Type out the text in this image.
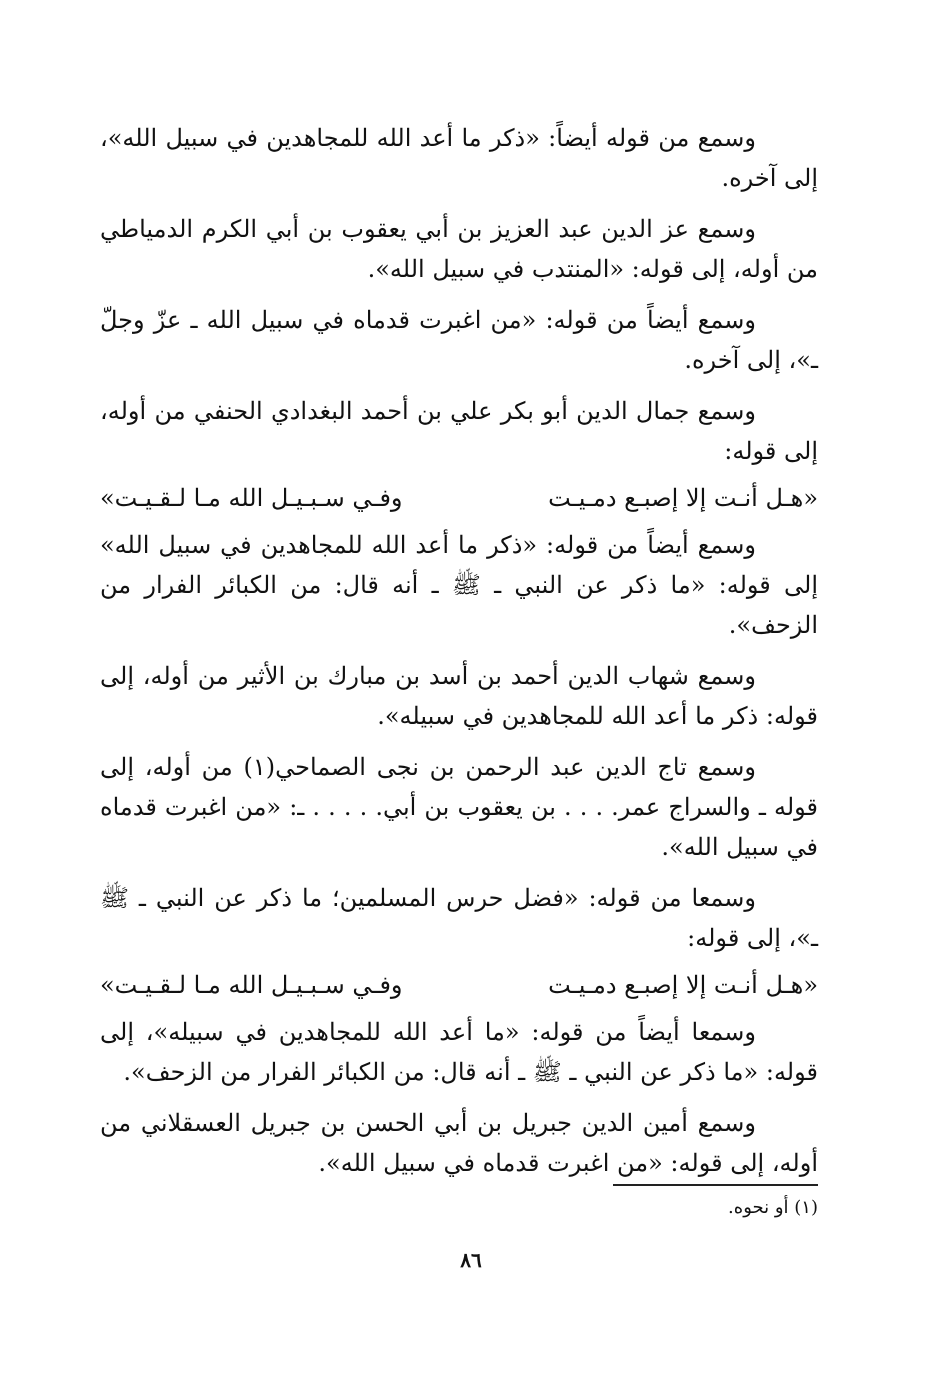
وسمع من قوله أيضاً: «ذكر ما أعد الله للمجاهدين في سبيل الله»، إلى آخره.

وسمع عز الدين عبد العزيز بن أبي يعقوب بن أبي الكرم الدمياطي من أوله، إلى قوله: «المنتدب في سبيل الله».

وسمع أيضاً من قوله: «من اغبرت قدماه في سبيل الله ـ عزّ وجلّ ـ»، إلى آخره.

وسمع جمال الدين أبو بكر علي بن أحمد البغدادي الحنفي من أوله، إلى قوله:

«هـل أنـت إلا إصبـع دمـيـت
وفـي سـبـيـل الله مـا لـقـيـت»

وسمع أيضاً من قوله: «ذكر ما أعد الله للمجاهدين في سبيل الله» إلى قوله: «ما ذكر عن النبي ـ ﷺ ـ أنه قال: من الكبائر الفرار من الزحف».

وسمع شهاب الدين أحمد بن أسد بن مبارك بن الأثير من أوله، إلى قوله: ذكر ما أعد الله للمجاهدين في سبيله».

وسمع تاج الدين عبد الرحمن بن نجى الصماحي(١) من أوله، إلى قوله ـ والسراج عمر. . . . بن يعقوب بن أبي. . . . . ـ: «من اغبرت قدماه في سبيل الله».

وسمعا من قوله: «فضل حرس المسلمين؛ ما ذكر عن النبي ـ ﷺ ـ»، إلى قوله:

«هـل أنـت إلا إصبـع دمـيـت
وفـي سـبـيـل الله مـا لـقـيـت»

وسمعا أيضاً من قوله: «ما أعد الله للمجاهدين في سبيله»، إلى قوله: «ما ذكر عن النبي ـ ﷺ ـ أنه قال: من الكبائر الفرار من الزحف».

وسمع أمين الدين جبريل بن أبي الحسن بن جبريل العسقلاني من أوله، إلى قوله: «من اغبرت قدماه في سبيل الله».

(١) أو نحوه.
٨٦
